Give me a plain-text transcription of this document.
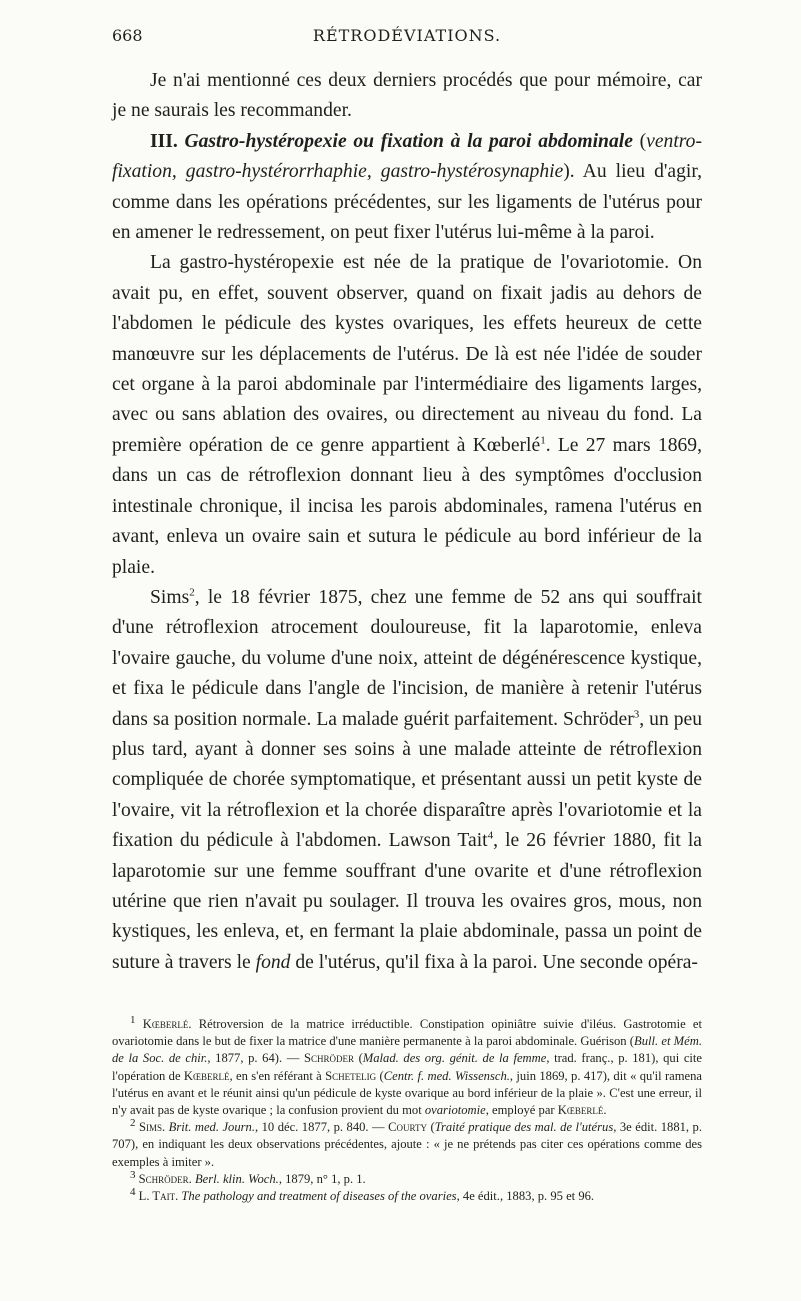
RÉTRODÉVIATIONS.
668

Je n'ai mentionné ces deux derniers procédés que pour mémoire, car je ne saurais les recommander.

III. Gastro-hystéropexie ou fixation à la paroi abdominale (ventro-fixation, gastro-hystérorrhaphie, gastro-hystérosynaphie). Au lieu d'agir, comme dans les opérations précédentes, sur les ligaments de l'utérus pour en amener le redressement, on peut fixer l'utérus lui-même à la paroi.

La gastro-hystéropexie est née de la pratique de l'ovariotomie. On avait pu, en effet, souvent observer, quand on fixait jadis au dehors de l'abdomen le pédicule des kystes ovariques, les effets heureux de cette manœuvre sur les déplacements de l'utérus. De là est née l'idée de souder cet organe à la paroi abdominale par l'intermédiaire des ligaments larges, avec ou sans ablation des ovaires, ou directement au niveau du fond. La première opération de ce genre appartient à Kœberlé$^1$. Le 27 mars 1869, dans un cas de rétroflexion donnant lieu à des symptômes d'occlusion intestinale chronique, il incisa les parois abdominales, ramena l'utérus en avant, enleva un ovaire sain et sutura le pédicule au bord inférieur de la plaie.

Sims$^2$, le 18 février 1875, chez une femme de 52 ans qui souffrait d'une rétroflexion atrocement douloureuse, fit la laparotomie, enleva l'ovaire gauche, du volume d'une noix, atteint de dégénérescence kystique, et fixa le pédicule dans l'angle de l'incision, de manière à retenir l'utérus dans sa position normale. La malade guérit parfaitement. Schröder$^3$, un peu plus tard, ayant à donner ses soins à une malade atteinte de rétroflexion compliquée de chorée symptomatique, et présentant aussi un petit kyste de l'ovaire, vit la rétroflexion et la chorée disparaître après l'ovariotomie et la fixation du pédicule à l'abdomen. Lawson Tait$^4$, le 26 février 1880, fit la laparotomie sur une femme souffrant d'une ovarite et d'une rétroflexion utérine que rien n'avait pu soulager. Il trouva les ovaires gros, mous, non kystiques, les enleva, et, en fermant la plaie abdominale, passa un point de suture à travers le fond de l'utérus, qu'il fixa à la paroi. Une seconde opéra-

$^1$ Kœberlé. Rétroversion de la matrice irréductible. Constipation opiniâtre suivie d'iléus. Gastrotomie et ovariotomie dans le but de fixer la matrice d'une manière permanente à la paroi abdominale. Guérison (Bull. et Mém. de la Soc. de chir., 1877, p. 64). — Schröder (Malad. des org. génit. de la femme, trad. franç., p. 181), qui cite l'opération de Kœberlé, en s'en référant à Schetelig (Centr. f. med. Wissensch., juin 1869, p. 417), dit « qu'il ramena l'utérus en avant et le réunit ainsi qu'un pédicule de kyste ovarique au bord inférieur de la plaie ». C'est une erreur, il n'y avait pas de kyste ovarique ; la confusion provient du mot ovariotomie, employé par Kœberlé.

$^2$ Sims. Brit. med. Journ., 10 déc. 1877, p. 840. — Courty (Traité pratique des mal. de l'utérus, 3e édit. 1881, p. 707), en indiquant les deux observations précédentes, ajoute : « je ne prétends pas citer ces opérations comme des exemples à imiter ».

$^3$ Schröder. Berl. klin. Woch., 1879, n° 1, p. 1.

$^4$ L. Tait. The pathology and treatment of diseases of the ovaries, 4e édit., 1883, p. 95 et 96.
